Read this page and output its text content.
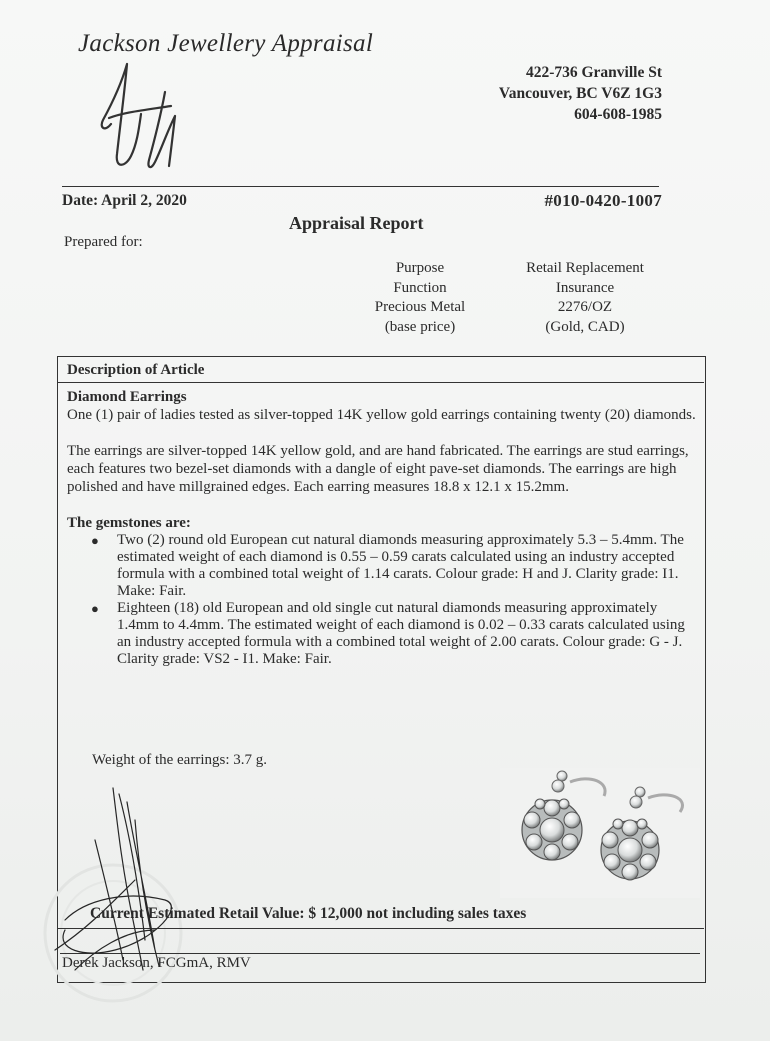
Jackson Jewellery Appraisal
422-736 Granville St
Vancouver, BC V6Z 1G3
604-608-1985
Date: April 2, 2020	#010-0420-1007
Appraisal Report
Prepared for:
Purpose
Function
Precious Metal
(base price)
Retail Replacement
Insurance
2276/OZ
(Gold, CAD)
Description of Article

Diamond Earrings

One (1) pair of ladies tested as silver-topped 14K yellow gold earrings containing twenty (20) diamonds.

The earrings are silver-topped 14K yellow gold, and are hand fabricated. The earrings are stud earrings, each features two bezel-set diamonds with a dangle of eight pave-set diamonds. The earrings are high polished and have millgrained edges. Each earring measures 18.8 x 12.1 x 15.2mm.

The gemstones are:

● Two (2) round old European cut natural diamonds measuring approximately 5.3 – 5.4mm. The estimated weight of each diamond is 0.55 – 0.59 carats calculated using an industry accepted formula with a combined total weight of 1.14 carats. Colour grade: H and J. Clarity grade: I1. Make: Fair.
● Eighteen (18) old European and old single cut natural diamonds measuring approximately 1.4mm to 4.4mm. The estimated weight of each diamond is 0.02 – 0.33 carats calculated using an industry accepted formula with a combined total weight of 2.00 carats. Colour grade: G - J. Clarity grade: VS2 - I1. Make: Fair.
Weight of the earrings: 3.7 g.
Current Estimated Retail Value: $ 12,000 not including sales taxes
Derek Jackson, FCGmA, RMV
